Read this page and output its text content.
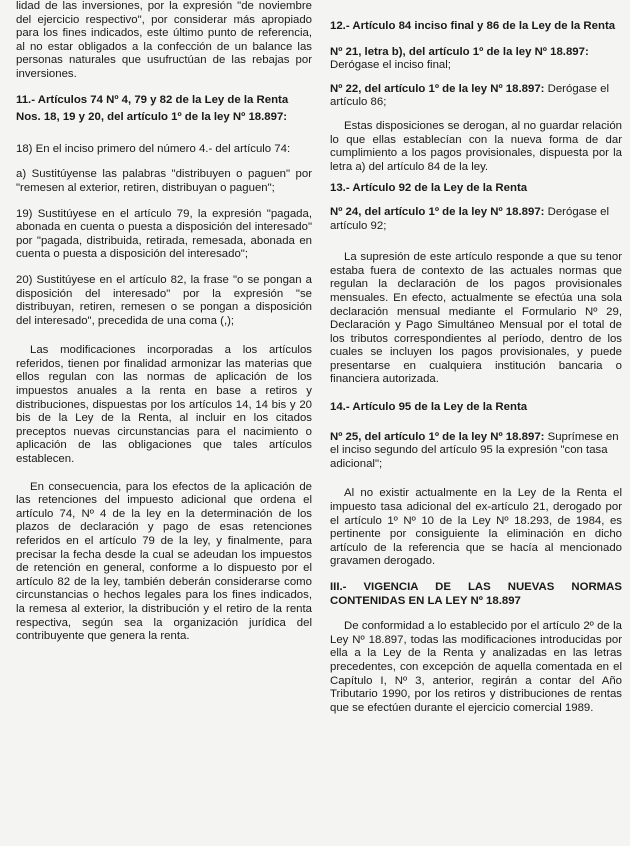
lidad de las inversiones, por la expresión "de noviembre del ejercicio respectivo", por considerar más apropiado para los fines indicados, este último punto de referencia, al no estar obligados a la confección de un balance las personas naturales que usufructúan de las rebajas por inversiones.

11.- Artículos 74 Nº 4, 79 y 82 de la Ley de la Renta

Nos. 18, 19 y 20, del artículo 1º de la ley Nº 18.897:

18) En el inciso primero del número 4.- del artículo 74:

a) Sustitúyense las palabras "distribuyen o paguen" por "remesen al exterior, retiren, distribuyan o paguen";

19) Sustitúyese en el artículo 79, la expresión "pagada, abonada en cuenta o puesta a disposición del interesado" por "pagada, distribuida, retirada, remesada, abonada en cuenta o puesta a disposición del interesado";

20) Sustitúyese en el artículo 82, la frase "o se pongan a disposición del interesado" por la expresión "se distribuyan, retiren, remesen o se pongan a disposición del interesado", precedida de una coma (,);

Las modificaciones incorporadas a los artículos referidos, tienen por finalidad armonizar las materias que ellos regulan con las normas de aplicación de los impuestos anuales a la renta en base a retiros y distribuciones, dispuestas por los artículos 14, 14 bis y 20 bis de la Ley de la Renta, al incluir en los citados preceptos nuevas circunstancias para el nacimiento o aplicación de las obligaciones que tales artículos establecen.

En consecuencia, para los efectos de la aplicación de las retenciones del impuesto adicional que ordena el artículo 74, Nº 4 de la ley en la determinación de los plazos de declaración y pago de esas retenciones referidos en el artículo 79 de la ley, y finalmente, para precisar la fecha desde la cual se adeudan los impuestos de retención en general, conforme a lo dispuesto por el artículo 82 de la ley, también deberán considerarse como circunstancias o hechos legales para los fines indicados, la remesa al exterior, la distribución y el retiro de la renta respectiva, según sea la organización jurídica del contribuyente que genera la renta.

12.- Artículo 84 inciso final y 86 de la Ley de la Renta

Nº 21, letra b), del artículo 1º de la ley Nº 18.897: Derógase el inciso final;
Nº 22, del artículo 1º de la ley Nº 18.897: Derógase el artículo 86;

Estas disposiciones se derogan, al no guardar relación lo que ellas establecían con la nueva forma de dar cumplimiento a los pagos provisionales, dispuesta por la letra a) del artículo 84 de la ley.

13.- Artículo 92 de la Ley de la Renta

Nº 24, del artículo 1º de la ley Nº 18.897: Derógase el artículo 92;

La supresión de este artículo responde a que su tenor estaba fuera de contexto de las actuales normas que regulan la declaración de los pagos provisionales mensuales. En efecto, actualmente se efectúa una sola declaración mensual mediante el Formulario Nº 29, Declaración y Pago Simultáneo Mensual por el total de los tributos correspondientes al período, dentro de los cuales se incluyen los pagos provisionales, y puede presentarse en cualquiera institución bancaria o financiera autorizada.

14.- Artículo 95 de la Ley de la Renta

Nº 25, del artículo 1º de la ley Nº 18.897: Suprímese en el inciso segundo del artículo 95 la expresión "con tasa adicional";

Al no existir actualmente en la Ley de la Renta el impuesto tasa adicional del ex-artículo 21, derogado por el artículo 1º Nº 10 de la Ley Nº 18.293, de 1984, es pertinente por consiguiente la eliminación en dicho artículo de la referencia que se hacía al mencionado gravamen derogado.

III.- VIGENCIA DE LAS NUEVAS NORMAS CONTENIDAS EN LA LEY Nº 18.897

De conformidad a lo establecido por el artículo 2º de la Ley Nº 18.897, todas las modificaciones introducidas por ella a la Ley de la Renta y analizadas en las letras precedentes, con excepción de aquella comentada en el Capítulo I, Nº 3, anterior, regirán a contar del Año Tributario 1990, por los retiros y distribuciones de rentas que se efectúen durante el ejercicio comercial 1989.
